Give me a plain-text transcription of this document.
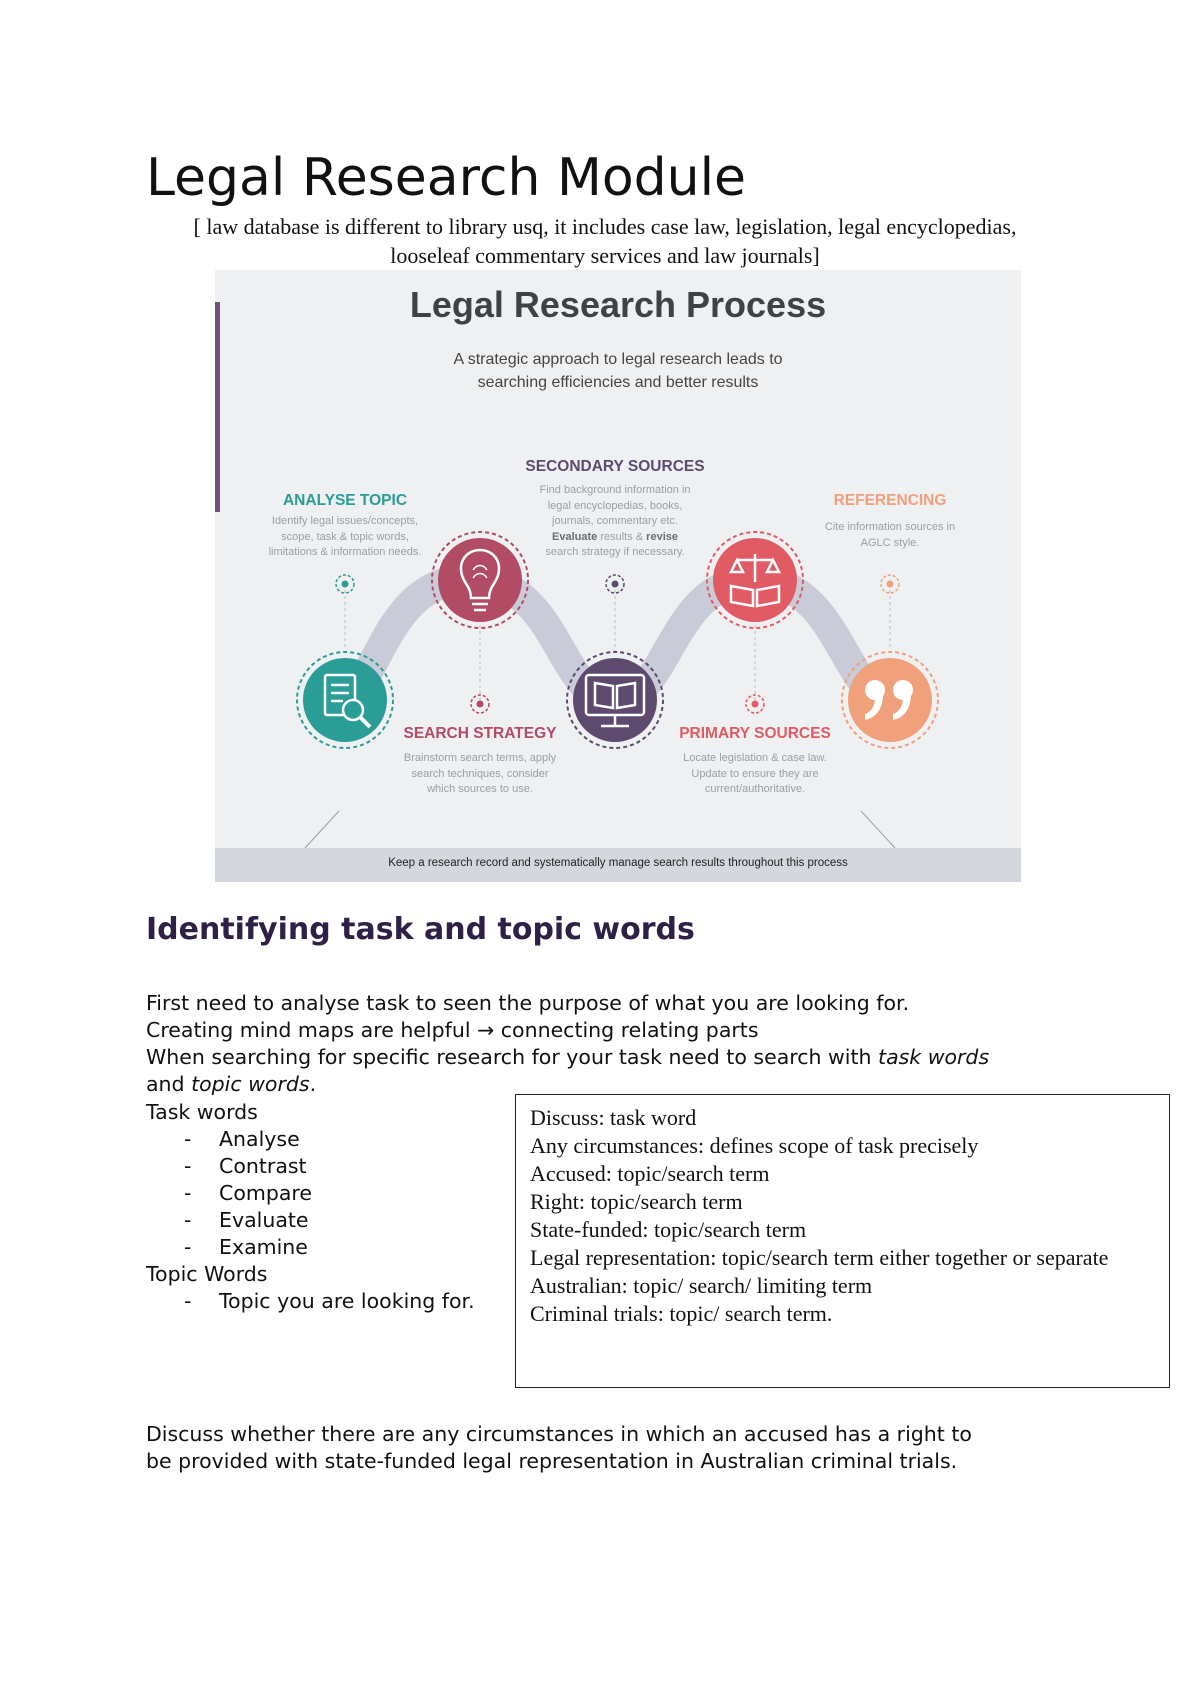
Legal Research Module
[ law database is different to library usq, it includes case law, legislation, legal encyclopedias,
looseleaf commentary services and law journals]
Legal Research Process
A strategic approach to legal research leads to
searching efficiencies and better results
ANALYSE TOPIC
Identify legal issues/concepts,
scope, task & topic words,
limitations & information needs.
SECONDARY SOURCES
Find background information in
legal encyclopedias, books,
journals, commentary etc.
Evaluate results & revise
search strategy if necessary.
REFERENCING
Cite information sources in
AGLC style.
SEARCH STRATEGY
Brainstorm search terms, apply
search techniques, consider
which sources to use.
PRIMARY SOURCES
Locate legislation & case law.
Update to ensure they are
current/authoritative.
Keep a research record and systematically manage search results throughout this process
Identifying task and topic words

First need to analyse task to seen the purpose of what you are looking for.

Creating mind maps are helpful → connecting relating parts

When searching for specific research for your task need to search with task words and topic words.

Task words

- Analyse
- Contrast
- Compare
- Evaluate
- Examine

Topic Words

- Topic you are looking for.
Discuss: task word
Any circumstances: defines scope of task precisely
Accused: topic/search term
Right: topic/search term
State-funded: topic/search term
Legal representation: topic/search term either together or separate
Australian: topic/ search/ limiting term
Criminal trials: topic/ search term.
Discuss whether there are any circumstances in which an accused has a right to
be provided with state-funded legal representation in Australian criminal trials.
